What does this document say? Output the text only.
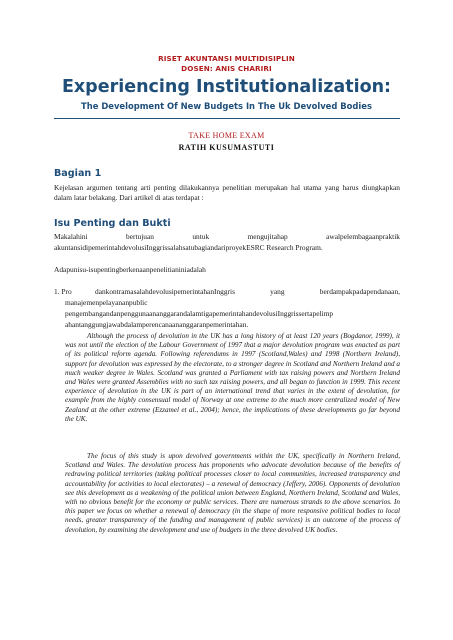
RISET AKUNTANSI MULTIDISIPLIN
DOSEN: ANIS CHARIRI
Experiencing Institutionalization:
The Development Of New Budgets In The Uk Devolved Bodies
TAKE HOME EXAM
RATIH KUSUMASTUTI
Bagian 1
Kejelasan argumen tentang arti penting dilakukannya penelitian merupakan hal utama yang harus diungkapkan dalam latar belakang. Dari artikel di atas terdapat :
Isu Penting dan Bukti
Makalahini	bertujuan	untuk	mengujitahap	awalpelembagaanpraktik
akuntansidipemerintahdevolusiInggrissalahsatubagiandariproyekESRC Research Program.
Adapunisu-isupentingberkenaanpenelitianiniadalah
1. Pro	dankontramasalahdevolusipemerintahanInggris yang berdampakpadapendanaan,
manajemenpelayananpublic
pengembangandanpenggunaananggarandalamtigapemerintahandevolusiInggrissertapelimp
ahantanggungjawabdalamperencanaananggaranpemerintahan.
Although the process of devolution in the UK has a long history of at least 120 years (Bogdanor, 1999), it was not until the election of the Labour Government of 1997 that a major devolution program was enacted as part of its political reform agenda. Following referendums in 1997 (Scotland,Wales) and 1998 (Northern Ireland), support for devolution was expressed by the electorate, to a stronger degree in Scotland and Northern Ireland and a much weaker degree in Wales. Scotland was granted a Parliament with tax raising powers and Northern Ireland and Wales were granted Assemblies with no such tax raising powers, and all began to function in 1999. This recent experience of devolution in the UK is part of an international trend that varies in the extent of devolution, for example from the highly consensual model of Norway at one extreme to the much more centralized model of New Zealand at the other extreme (Ezzamel et al., 2004); hence, the implications of these developments go far beyond the UK.
The focus of this study is upon devolved governments within the UK, specifically in Northern Ireland, Scotland and Wales. The devolution process has proponents who advocate devolution because of the benefits of redrawing political territories (taking political processes closer to local communities, increased transparency and accountability for activities to local electorates) – a renewal of democracy (Jeffery, 2006). Opponents of devolution see this development as a weakening of the political union between England, Northern Ireland, Scotland and Wales, with no obvious benefit for the economy or public services. There are numerous strands to the above scenarios. In this paper we focus on whether a renewal of democracy (in the shape of more responsive political bodies to local needs, greater transparency of the funding and management of public services) is an outcome of the process of devolution, by examining the development and use of budgets in the three devolved UK bodies.
